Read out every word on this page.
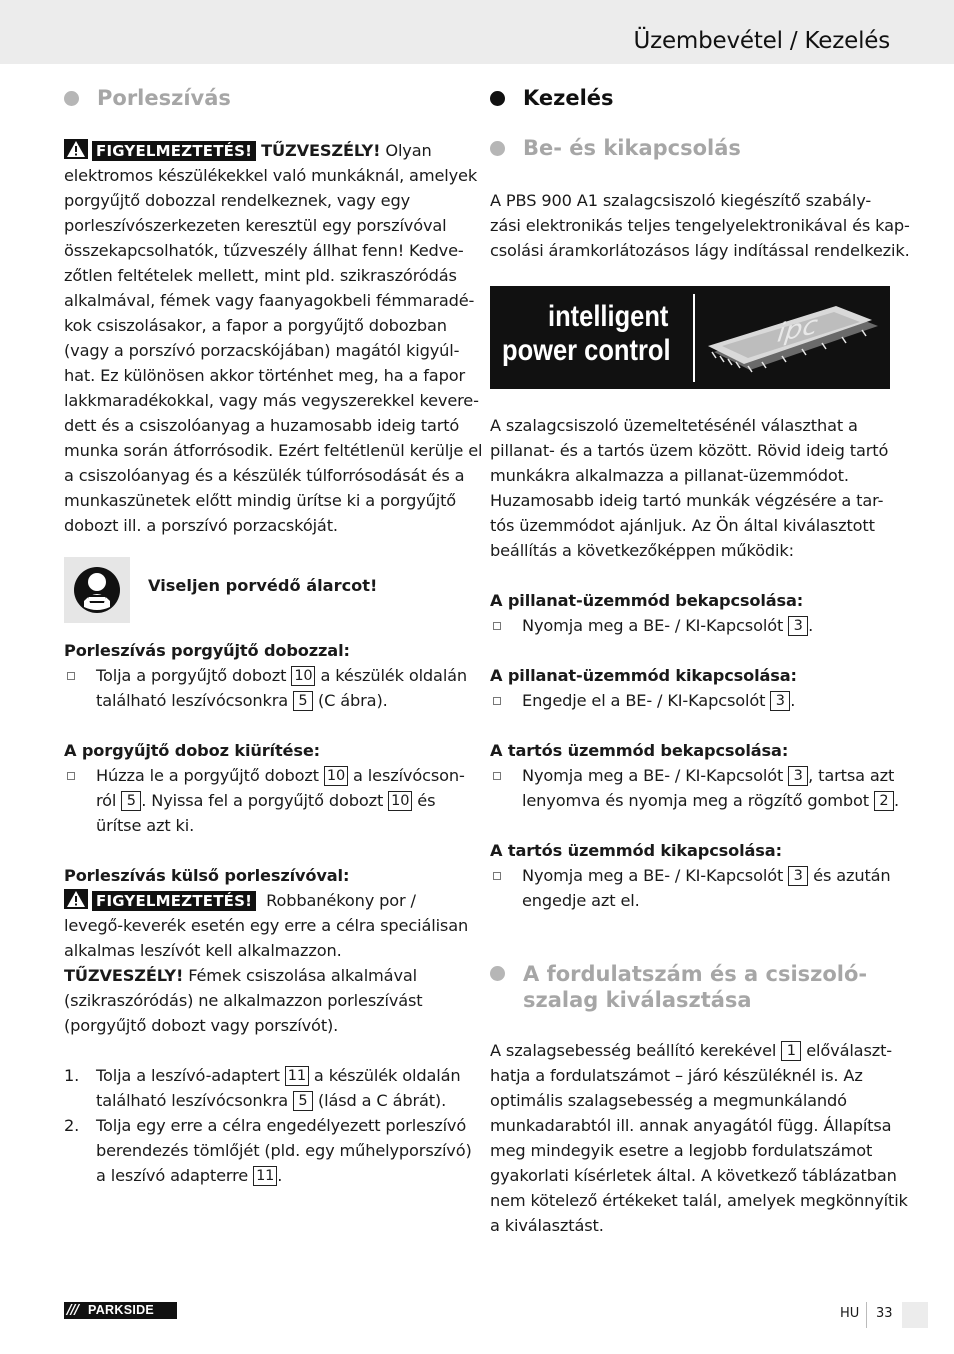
Üzembevétel / Kezelés
Porleszívás
FIGYELMEZTETÉS! TŰZVESZÉLY! Olyan
elektromos készülékekkel való munkáknál, amelyek
porgyűjtő dobozzal rendelkeznek, vagy egy
porleszívószerkezeten keresztül egy porszívóval
összekapcsolhatók, tűzveszély állhat fenn! Kedve-
zőtlen feltételek mellett, mint pld. szikraszóródás
alkalmával, fémek vagy faanyagokbeli fémmaradé-
kok csiszolásakor, a fapor a porgyűjtő dobozban
(vagy a porszívó porzacskójában) magától kigyúl-
hat. Ez különösen akkor történhet meg, ha a fapor
lakkmaradékokkal, vagy más vegyszerekkel kevere-
dett és a csiszolóanyag a huzamosabb ideig tartó
munka során átforrósodik. Ezért feltétlenül kerülje el
a csiszolóanyag és a készülék túlforrósodását és a
munkaszünetek előtt mindig ürítse ki a porgyűjtő
dobozt ill. a porszívó porzacskóját.
Viseljen porvédő álarcot!
Porleszívás porgyűjtő dobozzal:
Tolja a porgyűjtő dobozt 10 a készülék oldalán
található leszívócsonkra 5 (C ábra).
A porgyűjtő doboz kiürítése:
Húzza le a porgyűjtő dobozt 10 a leszívócson-
ról 5 . Nyissa fel a porgyűjtő dobozt 10 és
ürítse azt ki.
Porleszívás külső porleszívóval:
FIGYELMEZTETÉS! Robbanékony por /
levegő-keverék esetén egy erre a célra speciálisan
alkalmas leszívót kell alkalmazzon.
TŰZVESZÉLY! Fémek csiszolása alkalmával
(szikraszóródás) ne alkalmazzon porleszívást
(porgyűjtő dobozt vagy porszívót).
1. Tolja a leszívó-adaptert 11 a készülék oldalán
található leszívócsonkra 5 (lásd a C ábrát).
2. Tolja egy erre a célra engedélyezett porleszívó
berendezés tömlőjét (pld. egy műhelyporszívó)
a leszívó adapterre 11 .
Kezelés
Be- és kikapcsolás
A PBS 900 A1 szalagcsiszoló kiegészítő szabály-
zási elektronikás teljes tengelyelektronikával és kap-
csolási áramkorlátozásos lágy indítással rendelkezik.
intelligent
power control
ipc
A szalagcsiszoló üzemeltetésénél választhat a
pillanat- és a tartós üzem között. Rövid ideig tartó
munkákra alkalmazza a pillanat-üzemmódot.
Huzamosabb ideig tartó munkák végzésére a tar-
tós üzemmódot ajánljuk. Az Ön által kiválasztott
beállítás a következőképpen működik:
A pillanat-üzemmód bekapcsolása:
Nyomja meg a BE- / KI-Kapcsolót 3 .
A pillanat-üzemmód kikapcsolása:
Engedje el a BE- / KI-Kapcsolót 3 .
A tartós üzemmód bekapcsolása:
Nyomja meg a BE- / KI-Kapcsolót 3 , tartsa azt
lenyomva és nyomja meg a rögzítő gombot 2 .
A tartós üzemmód kikapcsolása:
Nyomja meg a BE- / KI-Kapcsolót 3 és azután
engedje azt el.
A fordulatszám és a csiszoló-
szalag kiválasztása
A szalagsebesség beállító kerekével 1 előválaszt-
hatja a fordulatszámot – járó készüléknél is. Az
optimális szalagsebesség a megmunkálandó
munkadarabtól ill. annak anyagától függ. Állapítsa
meg mindegyik esetre a legjobb fordulatszámot
gyakorlati kísérletek által. A következő táblázatban
nem kötelező értékeket talál, amelyek megkönnyítik
a kiválasztást.
/// PARKSIDE	HU 33
